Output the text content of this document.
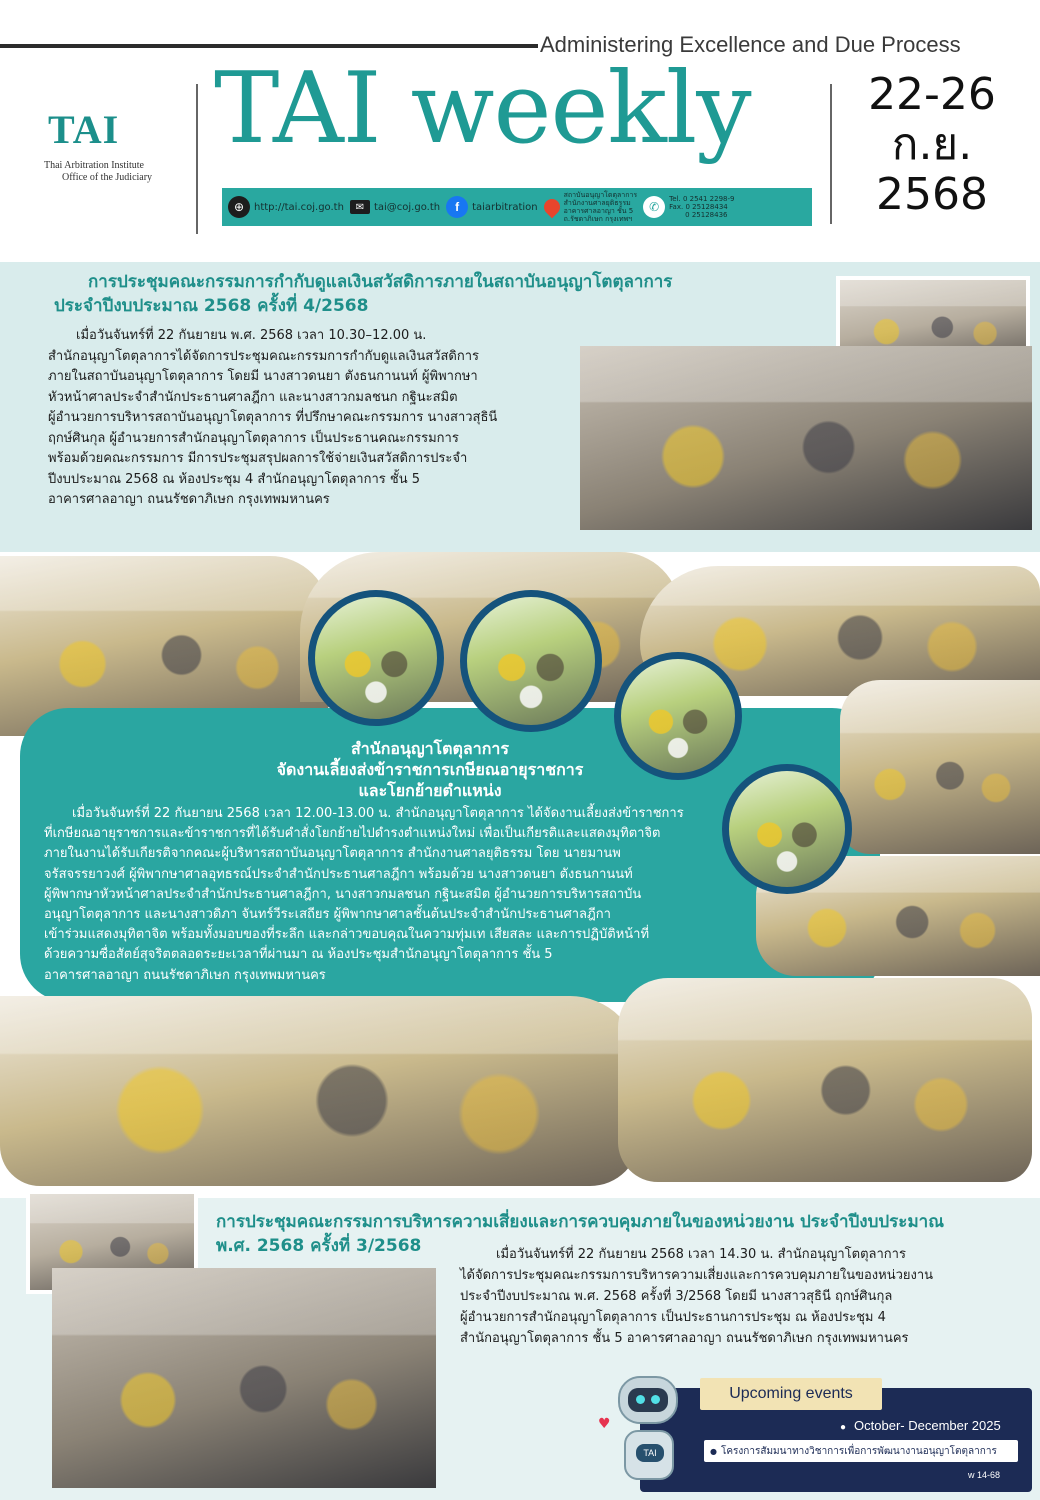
Administering Excellence and Due Process
TAI
Thai Arbitration Institute
Office of the Judiciary
TAI weekly
⊕ http://tai.coj.go.th	✉ tai@coj.go.th	f	taiarbitration
สถาบันอนุญาโตตุลาการ
สำนักงานศาลยุติธรรม
อาคารศาลอาญา ชั้น 5
ถ.รัชดาภิเษก กรุงเทพฯ
✆
Tel. 0 2541 2298-9
Fax. 0 25128434
0 25128436
22-26
ก.ย.
2568
การประชุมคณะกรรมการกำกับดูแลเงินสวัสดิการภายในสถาบันอนุญาโตตุลาการ
ประจำปีงบประมาณ 2568 ครั้งที่ 4/2568
เมื่อวันจันทร์ที่ 22 กันยายน พ.ศ. 2568 เวลา 10.30–12.00 น.
สำนักอนุญาโตตุลาการได้จัดการประชุมคณะกรรมการกำกับดูแลเงินสวัสดิการ
ภายในสถาบันอนุญาโตตุลาการ โดยมี นางสาวดนยา ตังธนกานนท์ ผู้พิพากษา
หัวหน้าศาลประจำสำนักประธานศาลฎีกา และนางสาวกมลชนก กฐินะสมิต
ผู้อำนวยการบริหารสถาบันอนุญาโตตุลาการ ที่ปรึกษาคณะกรรมการ นางสาวสุธินี
ฤกษ์ศินกุล ผู้อำนวยการสำนักอนุญาโตตุลาการ เป็นประธานคณะกรรมการ
พร้อมด้วยคณะกรรมการ มีการประชุมสรุปผลการใช้จ่ายเงินสวัสดิการประจำ
ปีงบประมาณ 2568 ณ ห้องประชุม 4 สำนักอนุญาโตตุลาการ ชั้น 5
อาคารศาลอาญา ถนนรัชดาภิเษก กรุงเทพมหานคร
สำนักอนุญาโตตุลาการ
จัดงานเลี้ยงส่งข้าราชการเกษียณอายุราชการ
และโยกย้ายตำแหน่ง
เมื่อวันจันทร์ที่ 22 กันยายน 2568 เวลา 12.00-13.00 น. สำนักอนุญาโตตุลาการ ได้จัดงานเลี้ยงส่งข้าราชการ
ที่เกษียณอายุราชการและข้าราชการที่ได้รับคำสั่งโยกย้ายไปดำรงตำแหน่งใหม่ เพื่อเป็นเกียรติและแสดงมุทิตาจิต
ภายในงานได้รับเกียรติจากคณะผู้บริหารสถาบันอนุญาโตตุลาการ สำนักงานศาลยุติธรรม โดย นายมานพ
จรัสจรรยาวงศ์ ผู้พิพากษาศาลอุทธรณ์ประจำสำนักประธานศาลฎีกา พร้อมด้วย นางสาวดนยา ตังธนกานนท์
ผู้พิพากษาหัวหน้าศาลประจำสำนักประธานศาลฎีกา, นางสาวกมลชนก กฐินะสมิต ผู้อำนวยการบริหารสถาบัน
อนุญาโตตุลาการ และนางสาวดิภา จันทร์วีระเสถียร ผู้พิพากษาศาลชั้นต้นประจำสำนักประธานศาลฎีกา
เข้าร่วมแสดงมุทิตาจิต พร้อมทั้งมอบของที่ระลึก และกล่าวขอบคุณในความทุ่มเท เสียสละ และการปฏิบัติหน้าที่
ด้วยความซื่อสัตย์สุจริตตลอดระยะเวลาที่ผ่านมา ณ ห้องประชุมสำนักอนุญาโตตุลาการ ชั้น 5
อาคารศาลอาญา ถนนรัชดาภิเษก กรุงเทพมหานคร
การประชุมคณะกรรมการบริหารความเสี่ยงและการควบคุมภายในของหน่วยงาน ประจำปีงบประมาณ
พ.ศ. 2568 ครั้งที่ 3/2568	เมื่อวันจันทร์ที่ 22 กันยายน 2568 เวลา 14.30 น. สำนักอนุญาโตตุลาการ
ได้จัดการประชุมคณะกรรมการบริหารความเสี่ยงและการควบคุมภายในของหน่วยงาน
ประจำปีงบประมาณ พ.ศ. 2568 ครั้งที่ 3/2568 โดยมี นางสาวสุธินี ฤกษ์ศินกุล
ผู้อำนวยการสำนักอนุญาโตตุลาการ เป็นประธานการประชุม ณ ห้องประชุม 4
สำนักอนุญาโตตุลาการ ชั้น 5 อาคารศาลอาญา ถนนรัชดาภิเษก กรุงเทพมหานคร
Upcoming events
● October- December 2025
● โครงการสัมมนาทางวิชาการเพื่อการพัฒนางานอนุญาโตตุลาการ
w 14-68
TAI
♥
